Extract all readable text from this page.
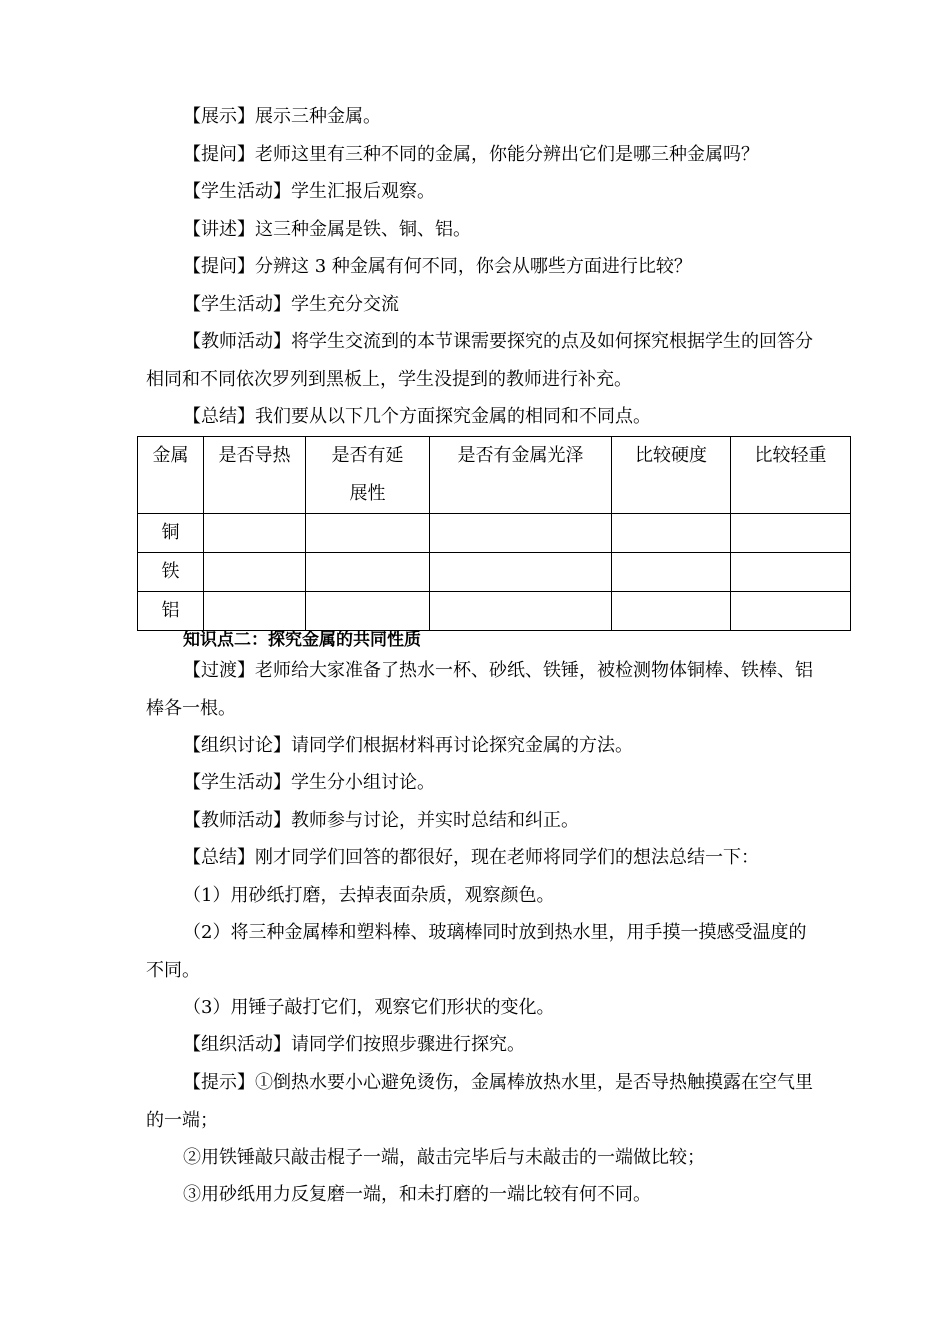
【展示】展示三种金属。
【提问】老师这里有三种不同的金属，你能分辨出它们是哪三种金属吗？
【学生活动】学生汇报后观察。
【讲述】这三种金属是铁、铜、铝。
【提问】分辨这 3 种金属有何不同，你会从哪些方面进行比较？
【学生活动】学生充分交流
【教师活动】将学生交流到的本节课需要探究的点及如何探究根据学生的回答分相同和不同依次罗列到黑板上，学生没提到的教师进行补充。
【总结】我们要从以下几个方面探究金属的相同和不同点。
金属	是否导热	是否有延展性	是否有金属光泽	比较硬度	比较轻重
铜					
铁					
铝					
知识点二：探究金属的共同性质
【过渡】老师给大家准备了热水一杯、砂纸、铁锤，被检测物体铜棒、铁棒、铝棒各一根。
【组织讨论】请同学们根据材料再讨论探究金属的方法。
【学生活动】学生分小组讨论。
【教师活动】教师参与讨论，并实时总结和纠正。
【总结】刚才同学们回答的都很好，现在老师将同学们的想法总结一下：
（1）用砂纸打磨，去掉表面杂质，观察颜色。
（2）将三种金属棒和塑料棒、玻璃棒同时放到热水里，用手摸一摸感受温度的不同。
（3）用锤子敲打它们，观察它们形状的变化。
【组织活动】请同学们按照步骤进行探究。
【提示】①倒热水要小心避免烫伤，金属棒放热水里，是否导热触摸露在空气里的一端；
②用铁锤敲只敲击棍子一端，敲击完毕后与未敲击的一端做比较；
③用砂纸用力反复磨一端，和未打磨的一端比较有何不同。
